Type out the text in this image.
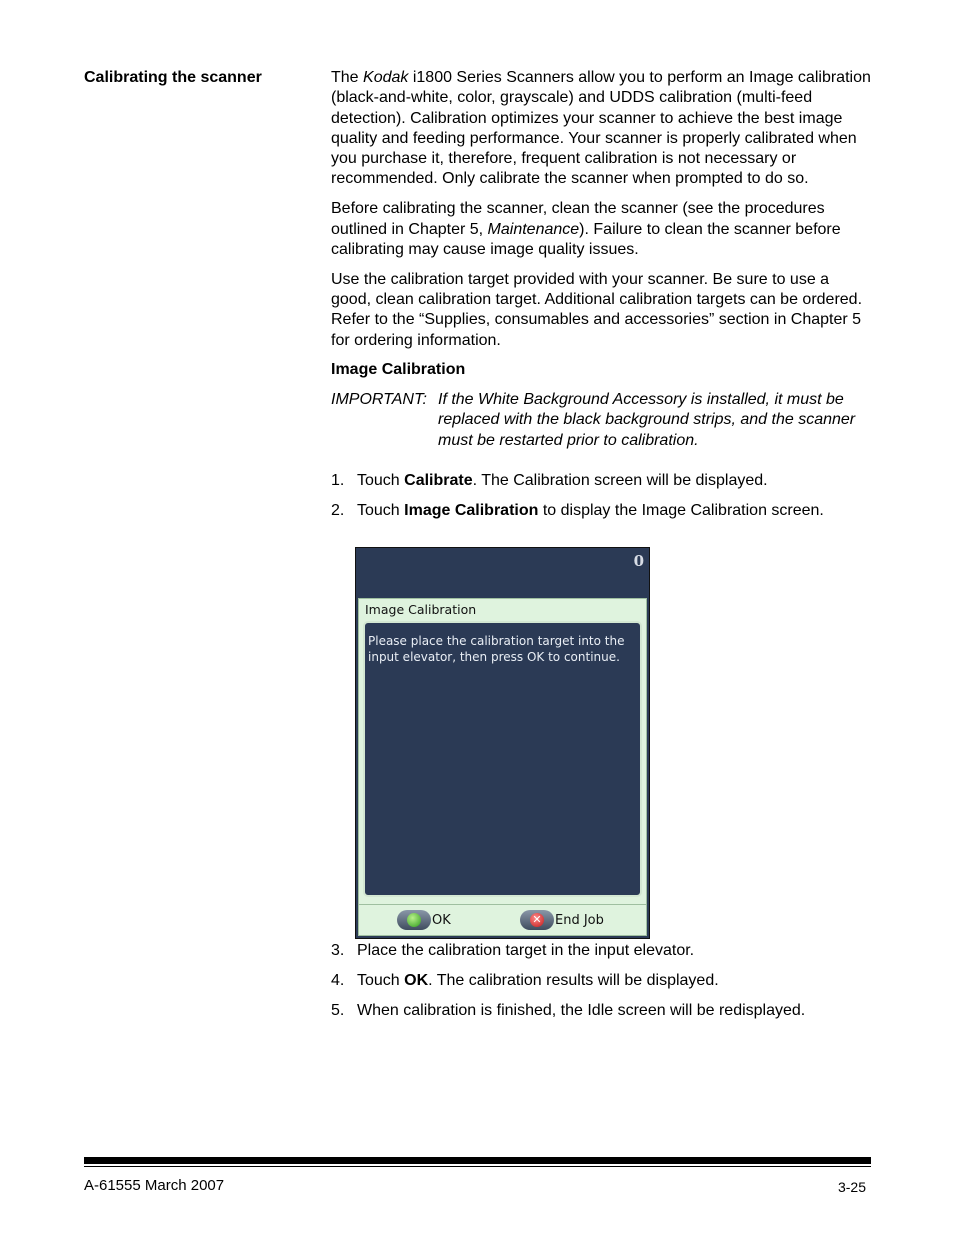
Calibrating the scanner	The Kodak i1800 Series Scanners allow you to perform an Image calibration (black-and-white, color, grayscale) and UDDS calibration (multi-feed detection). Calibration optimizes your scanner to achieve the best image quality and feeding performance. Your scanner is properly calibrated when you purchase it, therefore, frequent calibration is not necessary or recommended. Only calibrate the scanner when prompted to do so.

Before calibrating the scanner, clean the scanner (see the procedures outlined in Chapter 5, Maintenance). Failure to clean the scanner before calibrating may cause image quality issues.

Use the calibration target provided with your scanner. Be sure to use a good, clean calibration target. Additional calibration targets can be ordered. Refer to the “Supplies, consumables and accessories” section in Chapter 5 for ordering information.

Image Calibration
IMPORTANT: If the White Background Accessory is installed, it must be replaced with the black background strips, and the scanner must be restarted prior to calibration.
1. Touch Calibrate. The Calibration screen will be displayed.
2. Touch Image Calibration to display the Image Calibration screen.
3. Place the calibration target in the input elevator.
4. Touch OK. The calibration results will be displayed.
5. When calibration is finished, the Idle screen will be redisplayed.
0
Image Calibration
Please place the calibration target into the input elevator, then press OK to continue.
OK	✕ End Job
A-61555 March 2007	3-25
